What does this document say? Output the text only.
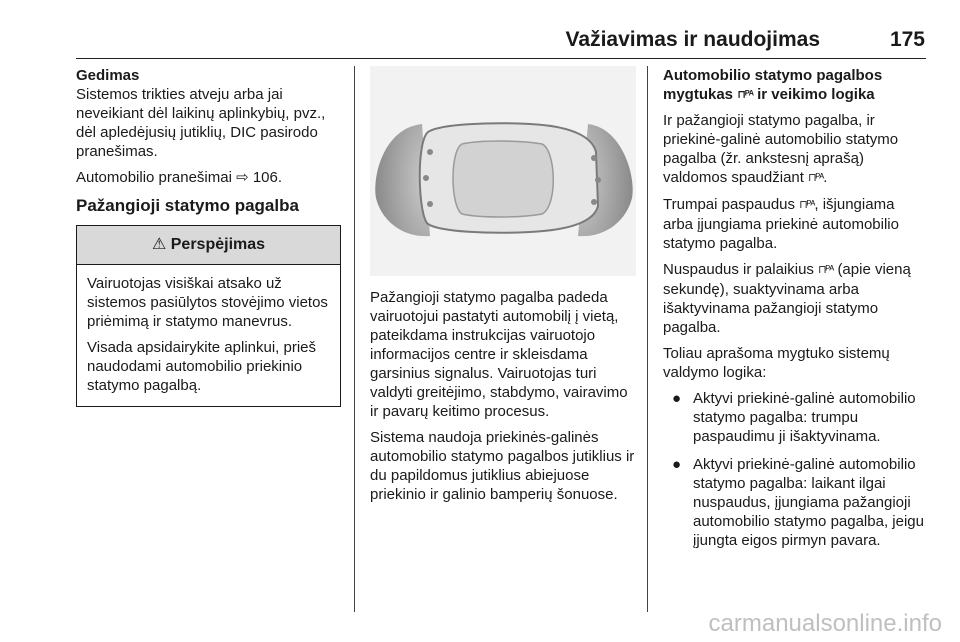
Važiavimas ir naudojimas	175
Gedimas

Sistemos trikties atveju arba jai neveikiant dėl laikinų aplinkybių, pvz., dėl apledėjusių jutiklių, DIC pasirodo pranešimas.

Automobilio pranešimai ⇨ 106.

Pažangioji statymo pagalba
⚠ Perspėjimas

Vairuotojas visiškai atsako už sistemos pasiūlytos stovėjimo vietos priėmimą ir statymo manevrus.

Visada apsidairykite aplinkui, prieš naudodami automobilio priekinio statymo pagalbą.

Pažangioji statymo pagalba padeda vairuotojui pastatyti automobilį į vietą, pateikdama instrukcijas vairuotojo informacijos centre ir skleisdama garsinius signalus. Vairuotojas turi valdyti greitėjimo, stabdymo, vairavimo ir pavarų keitimo procesus.

Sistema naudoja priekinės-galinės automobilio statymo pagalbos jutiklius ir du papildomus jutiklius abiejuose priekinio ir galinio bamperių šonuose.

Automobilio statymo pagalbos mygtukas ⊓ᴾᴬ ir veikimo logika

Ir pažangioji statymo pagalba, ir priekinė-galinė automobilio statymo pagalba (žr. ankstesnį aprašą) valdomos spaudžiant ⊓ᴾᴬ.

Trumpai paspaudus ⊓ᴾᴬ, išjungiama arba įjungiama priekinė automobilio statymo pagalba.

Nuspaudus ir palaikius ⊓ᴾᴬ (apie vieną sekundę), suaktyvinama arba išaktyvinama pažangioji statymo pagalba.

Toliau aprašoma mygtuko sistemų valdymo logika:

● Aktyvi priekinė-galinė automobilio statymo pagalba: trumpu paspaudimu ji išaktyvinama.
● Aktyvi priekinė-galinė automobilio statymo pagalba: laikant ilgai nuspaudus, įjungiama pažangioji automobilio statymo pagalba, jeigu įjungta eigos pirmyn pavara.
carmanualsonline.info
